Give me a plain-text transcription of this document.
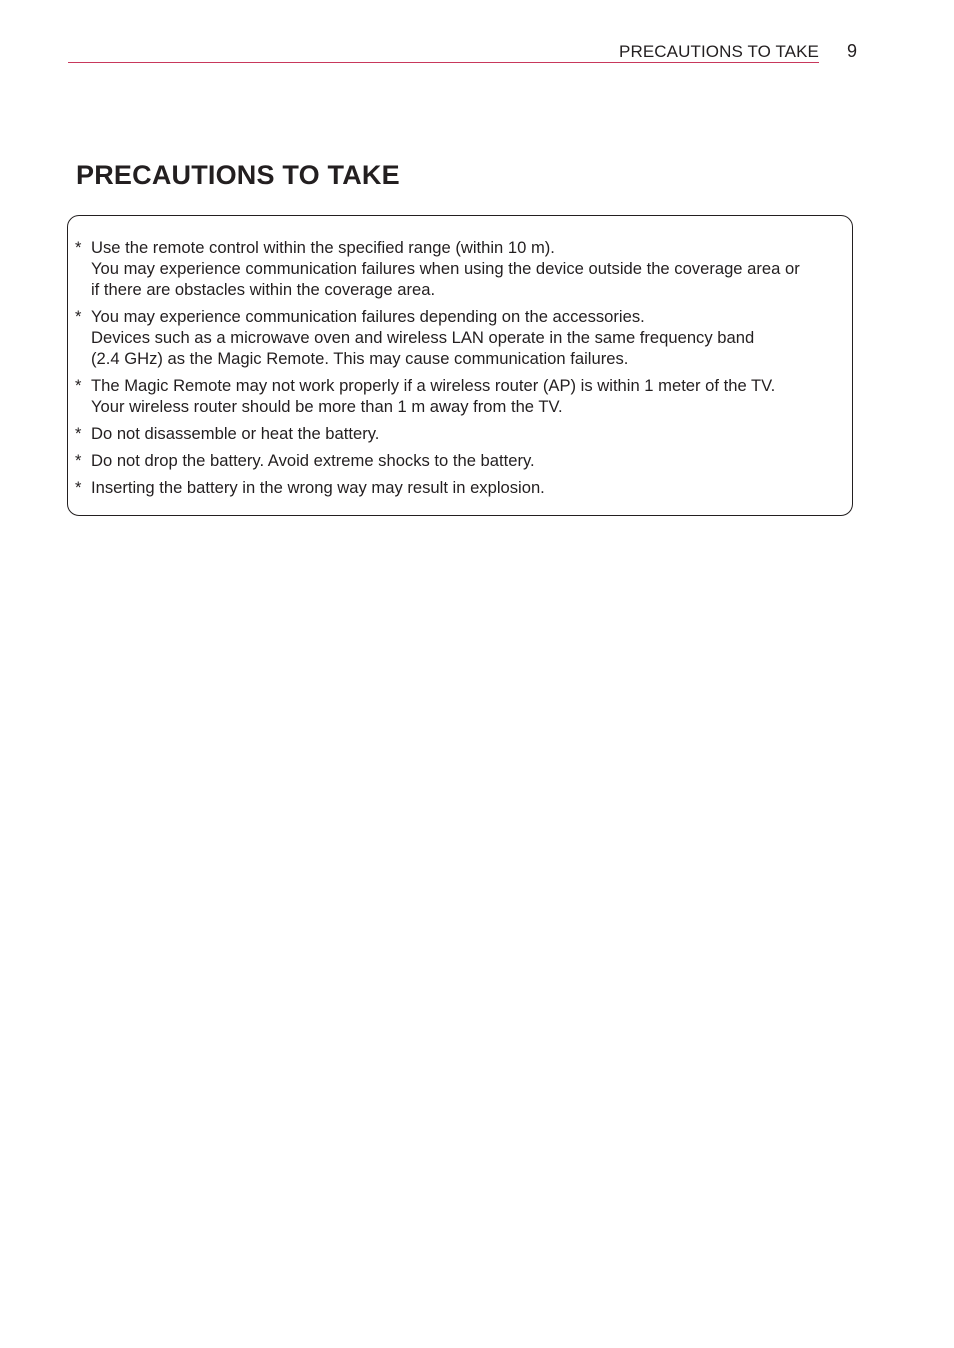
PRECAUTIONS TO TAKE 9
PRECAUTIONS TO TAKE
* Use the remote control within the specified range (within 10 m).
You may experience communication failures when using the device outside the coverage area or
if there are obstacles within the coverage area.
* You may experience communication failures depending on the accessories.
Devices such as a microwave oven and wireless LAN operate in the same frequency band
(2.4 GHz) as the Magic Remote. This may cause communication failures.
* The Magic Remote may not work properly if a wireless router (AP) is within 1 meter of the TV.
Your wireless router should be more than 1 m away from the TV.
* Do not disassemble or heat the battery.
* Do not drop the battery. Avoid extreme shocks to the battery.
* Inserting the battery in the wrong way may result in explosion.
